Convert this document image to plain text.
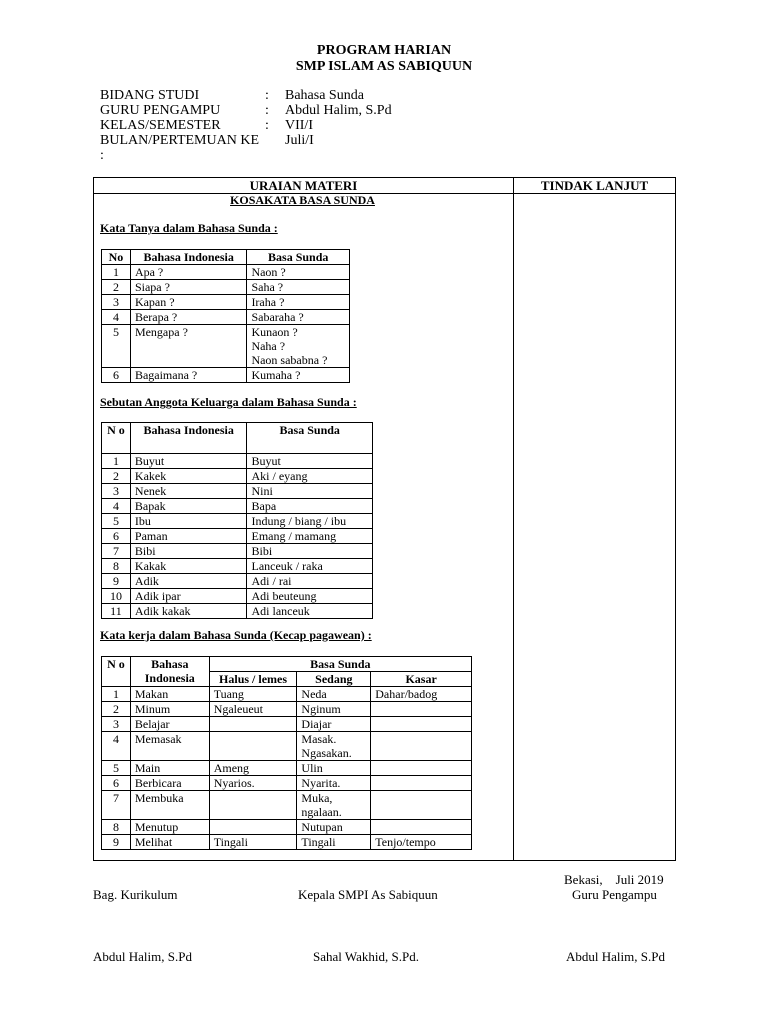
PROGRAM HARIAN
SMP ISLAM AS SABIQUUN
BIDANG STUDI	:	Bahasa Sunda
GURU PENGAMPU	:	Abdul Halim, S.Pd
KELAS/SEMESTER	:	VII/I
BULAN/PERTEMUAN KE :
Juli/I
URAIAN MATERI	TINDAK LANJUT
KOSAKATA BASA SUNDA
Kata Tanya dalam Bahasa Sunda :
No	Bahasa Indonesia	Basa Sunda
1	Apa ?	Naon ?
2	Siapa ?	Saha ?
3	Kapan ?	Iraha ?
4	Berapa ?	Sabaraha ?
5	Mengapa ?	Kunaon ?
Naha ?
Naon sababna ?

6	Bagaimana ?	Kumaha ?
Sebutan Anggota Keluarga dalam Bahasa Sunda :
N o	Bahasa Indonesia	Basa Sunda
1	Buyut	Buyut
2	Kakek	Aki / eyang
3	Nenek	Nini
4	Bapak	Bapa
5	Ibu	Indung / biang / ibu
6	Paman	Emang / mamang
7	Bibi	Bibi
8	Kakak	Lanceuk / raka
9	Adik	Adi / rai
10	Adik ipar	Adi beuteung
11	Adik kakak	Adi lanceuk
Kata kerja dalam Bahasa Sunda (Kecap pagawean) :
N o	Bahasa Indonesia	Basa Sunda		
		Halus / lemes	Sedang	Kasar
1	Makan	Tuang	Neda	Dahar/badog
2	Minum	Ngaleueut	Nginum	
3	Belajar		Diajar	
4	Memasak		Masak.
Ngasakan.	

5	Main	Ameng	Ulin	
6	Berbicara	Nyarios.	Nyarita.	
7	Membuka		Muka,
ngalaan.	

8	Menutup		Nutupan	
9	Melihat	Tingali	Tingali	Tenjo/tempo
Bekasi,    Juli 2019
Bag. Kurikulum	Kepala SMPI As Sabiquun	Guru Pengampu
Abdul Halim, S.Pd	Sahal Wakhid, S.Pd.	Abdul Halim, S.Pd
